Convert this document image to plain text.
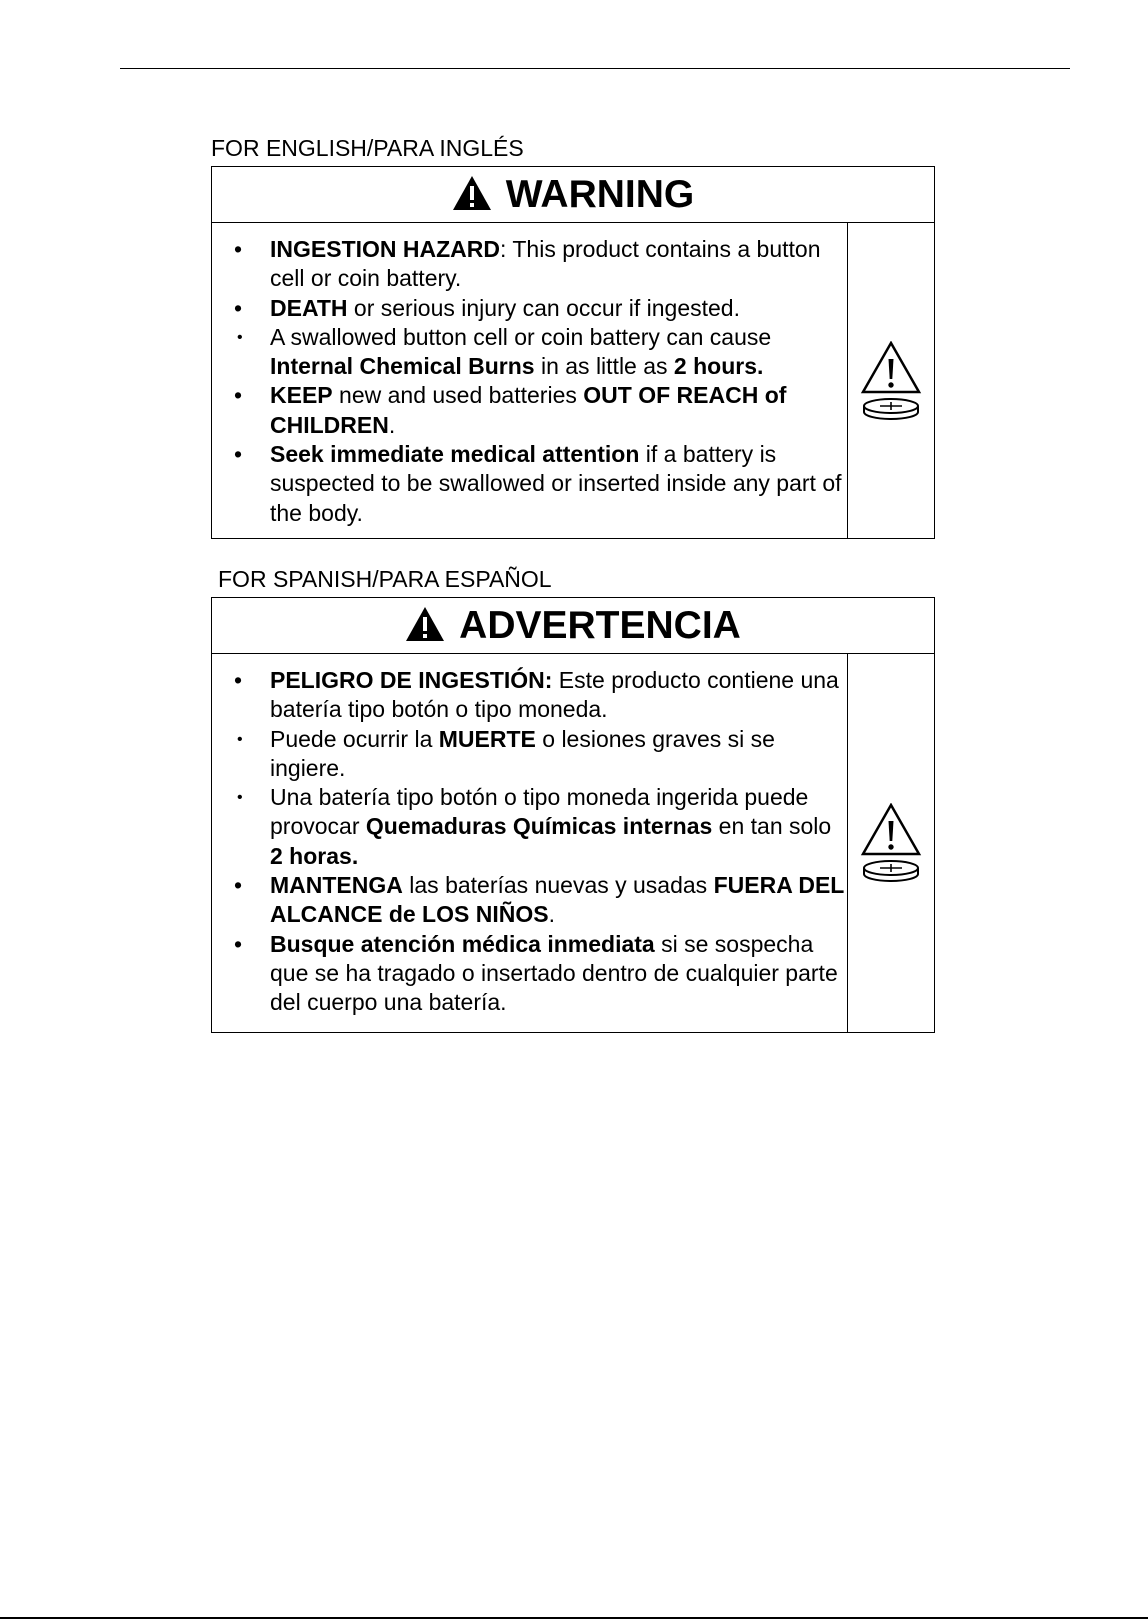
FOR ENGLISH/PARA INGLÉS
WARNING
• INGESTION HAZARD: This product contains a button cell or coin battery.
• DEATH or serious injury can occur if ingested.
• A swallowed button cell or coin battery can cause Internal Chemical Burns in as little as 2 hours.
• KEEP new and used batteries OUT OF REACH of CHILDREN.
• Seek immediate medical attention if a battery is suspected to be swallowed or inserted inside any part of the body.
FOR SPANISH/PARA ESPAÑOL
ADVERTENCIA
• PELIGRO DE INGESTIÓN: Este producto contiene una batería tipo botón o tipo moneda.
• Puede ocurrir la MUERTE o lesiones graves si se ingiere.
• Una batería tipo botón o tipo moneda ingerida puede provocar Quemaduras Químicas internas en tan solo 2 horas.
• MANTENGA las baterías nuevas y usadas FUERA DEL ALCANCE de LOS NIÑOS.
• Busque atención médica inmediata si se sospecha que se ha tragado o insertado dentro de cualquier parte del cuerpo una batería.
